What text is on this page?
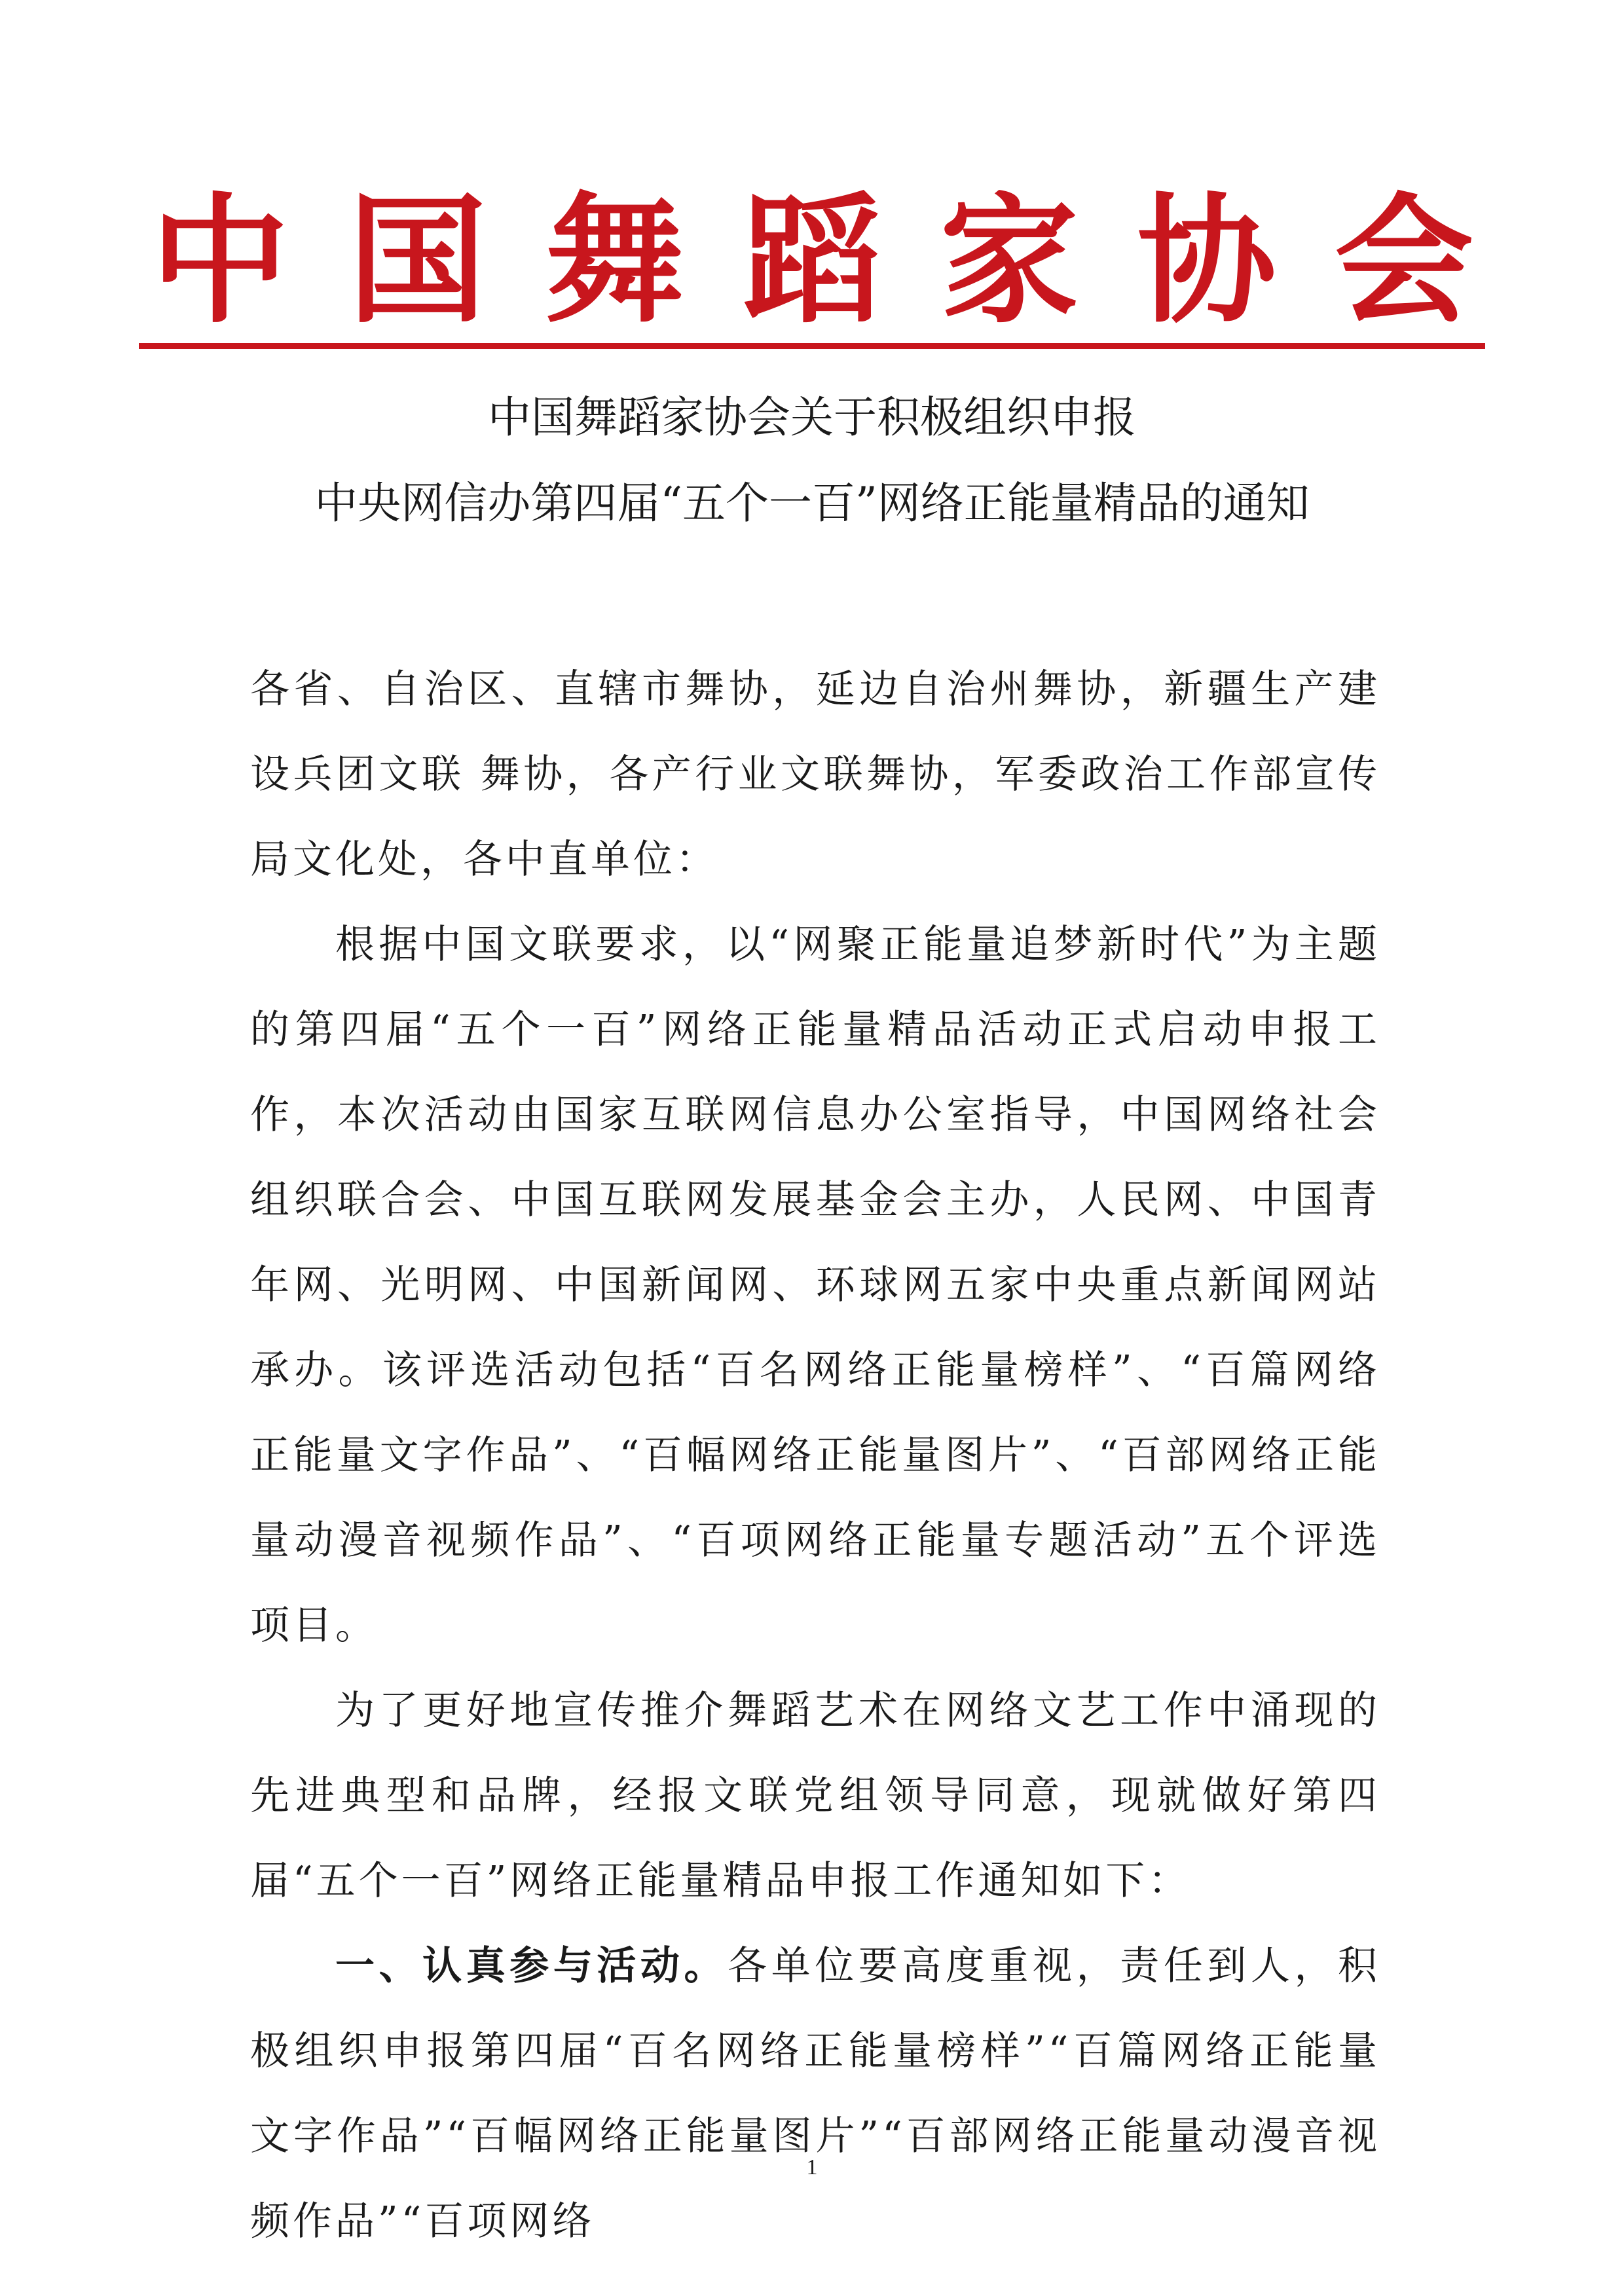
中 国 舞 蹈 家 协 会
中国舞蹈家协会关于积极组织申报
中央网信办第四届“五个一百”网络正能量精品的通知

各省、自治区、直辖市舞协，延边自治州舞协，新疆生产建设兵团文联 舞协，各产行业文联舞协，军委政治工作部宣传局文化处，各中直单位：

根据中国文联要求，以“网聚正能量追梦新时代”为主题的第四届“五个一百”网络正能量精品活动正式启动申报工作，本次活动由国家互联网信息办公室指导，中国网络社会组织联合会、中国互联网发展基金会主办，人民网、中国青年网、光明网、中国新闻网、环球网五家中央重点新闻网站承办。该评选活动包括“百名网络正能量榜样”、“百篇网络正能量文字作品”、“百幅网络正能量图片”、“百部网络正能量动漫音视频作品”、“百项网络正能量专题活动”五个评选项目。

为了更好地宣传推介舞蹈艺术在网络文艺工作中涌现的先进典型和品牌，经报文联党组领导同意，现就做好第四届“五个一百”网络正能量精品申报工作通知如下：

一、认真参与活动。各单位要高度重视，责任到人，积极组织申报第四届“百名网络正能量榜样”“百篇网络正能量文字作品”“百幅网络正能量图片”“百部网络正能量动漫音视频作品”“百项网络

1
